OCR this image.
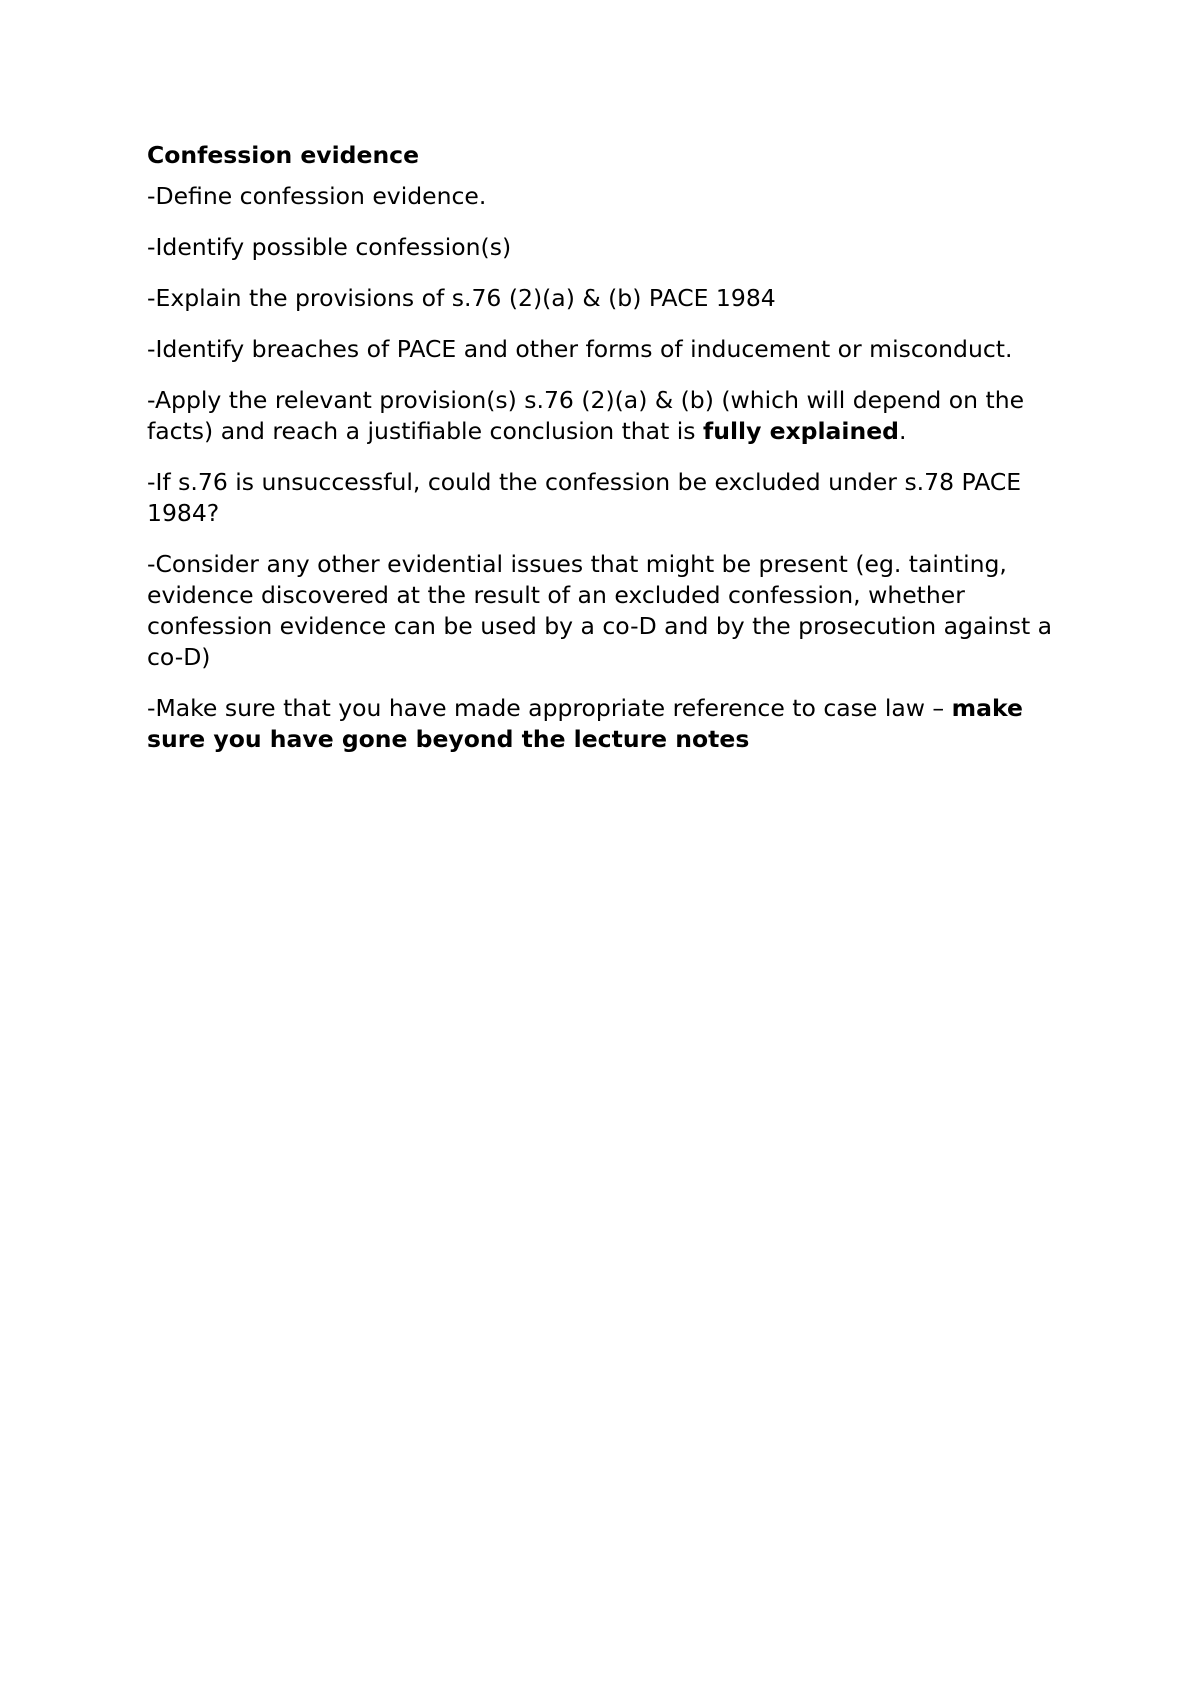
Confession evidence
-Define confession evidence.
-Identify possible confession(s)
-Explain the provisions of s.76 (2)(a) & (b) PACE 1984
-Identify breaches of PACE and other forms of inducement or misconduct.
-Apply the relevant provision(s) s.76 (2)(a) & (b) (which will depend on the facts) and reach a justifiable conclusion that is fully explained.
-If s.76 is unsuccessful, could the confession be excluded under s.78 PACE 1984?
-Consider any other evidential issues that might be present (eg. tainting, evidence discovered at the result of an excluded confession, whether confession evidence can be used by a co-D and by the prosecution against a co-D)
-Make sure that you have made appropriate reference to case law – make sure you have gone beyond the lecture notes
